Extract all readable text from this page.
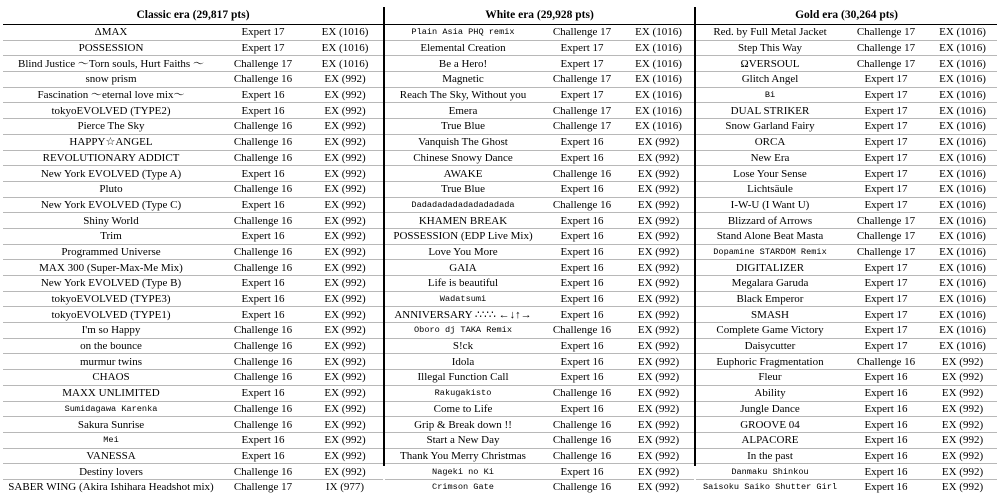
Classic era (29,817 pts)
ΔMAX	Expert 17	EX (1016)
POSSESSION	Expert 17	EX (1016)
Blind Justice ～Torn souls, Hurt Faiths ～	Challenge 17	EX (1016)
snow prism	Challenge 16	EX (992)
Fascination ～eternal love mix～	Expert 16	EX (992)
tokyoEVOLVED (TYPE2)	Expert 16	EX (992)
Pierce The Sky	Challenge 16	EX (992)
HAPPY☆ANGEL	Challenge 16	EX (992)
REVOLUTIONARY ADDICT	Challenge 16	EX (992)
New York EVOLVED (Type A)	Expert 16	EX (992)
Pluto	Challenge 16	EX (992)
New York EVOLVED (Type C)	Expert 16	EX (992)
Shiny World	Challenge 16	EX (992)
Trim	Expert 16	EX (992)
Programmed Universe	Challenge 16	EX (992)
MAX 300 (Super-Max-Me Mix)	Challenge 16	EX (992)
New York EVOLVED (Type B)	Expert 16	EX (992)
tokyoEVOLVED (TYPE3)	Expert 16	EX (992)
tokyoEVOLVED (TYPE1)	Expert 16	EX (992)
I'm so Happy	Challenge 16	EX (992)
on the bounce	Challenge 16	EX (992)
murmur twins	Challenge 16	EX (992)
CHAOS	Challenge 16	EX (992)
MAXX UNLIMITED	Expert 16	EX (992)
Sumidagawa Karenka	Challenge 16	EX (992)
Sakura Sunrise	Challenge 16	EX (992)
Mei	Expert 16	EX (992)
VANESSA	Expert 16	EX (992)
Destiny lovers	Challenge 16	EX (992)
SABER WING (Akira Ishihara Headshot mix)	Challenge 17	IX (977)
White era (29,928 pts)
Plain Asia PHQ remix	Challenge 17	EX (1016)
Elemental Creation	Expert 17	EX (1016)
Be a Hero!	Expert 17	EX (1016)
Magnetic	Challenge 17	EX (1016)
Reach The Sky, Without you	Expert 17	EX (1016)
Emera	Challenge 17	EX (1016)
True Blue	Challenge 17	EX (1016)
Vanquish The Ghost	Expert 16	EX (992)
Chinese Snowy Dance	Expert 16	EX (992)
AWAKE	Challenge 16	EX (992)
True Blue	Expert 16	EX (992)
Dadadadadadadadadada	Challenge 16	EX (992)
KHAMEN BREAK	Expert 16	EX (992)
POSSESSION (EDP Live Mix)	Expert 16	EX (992)
Love You More	Expert 16	EX (992)
GAIA	Expert 16	EX (992)
Life is beautiful	Expert 16	EX (992)
Wadatsumi	Expert 16	EX (992)
ANNIVERSARY ∴∵∴ ←↓↑→	Expert 16	EX (992)
Oboro dj TAKA Remix	Challenge 16	EX (992)
S!ck	Expert 16	EX (992)
Idola	Expert 16	EX (992)
Illegal Function Call	Expert 16	EX (992)
Rakugakisto	Challenge 16	EX (992)
Come to Life	Expert 16	EX (992)
Grip & Break down !!	Challenge 16	EX (992)
Start a New Day	Challenge 16	EX (992)
Thank You Merry Christmas	Challenge 16	EX (992)
Nageki no Ki	Expert 16	EX (992)
Crimson Gate	Challenge 16	EX (992)
Gold era (30,264 pts)
Red. by Full Metal Jacket	Challenge 17	EX (1016)
Step This Way	Challenge 17	EX (1016)
ΩVERSOUL	Challenge 17	EX (1016)
Glitch Angel	Expert 17	EX (1016)
Bi	Expert 17	EX (1016)
DUAL STRIKER	Expert 17	EX (1016)
Snow Garland Fairy	Expert 17	EX (1016)
ORCA	Expert 17	EX (1016)
New Era	Expert 17	EX (1016)
Lose Your Sense	Expert 17	EX (1016)
Lichtsäule	Expert 17	EX (1016)
I-W-U (I Want U)	Expert 17	EX (1016)
Blizzard of Arrows	Challenge 17	EX (1016)
Stand Alone Beat Masta	Challenge 17	EX (1016)
Dopamine STARDOM Remix	Challenge 17	EX (1016)
DIGITALIZER	Expert 17	EX (1016)
Megalara Garuda	Expert 17	EX (1016)
Black Emperor	Expert 17	EX (1016)
SMASH	Expert 17	EX (1016)
Complete Game Victory	Expert 17	EX (1016)
Daisycutter	Expert 17	EX (1016)
Euphoric Fragmentation	Challenge 16	EX (992)
Fleur	Expert 16	EX (992)
Ability	Expert 16	EX (992)
Jungle Dance	Expert 16	EX (992)
GROOVE 04	Expert 16	EX (992)
ALPACORE	Expert 16	EX (992)
In the past	Expert 16	EX (992)
Danmaku Shinkou	Expert 16	EX (992)
Saisoku Saiko Shutter Girl	Expert 16	EX (992)
